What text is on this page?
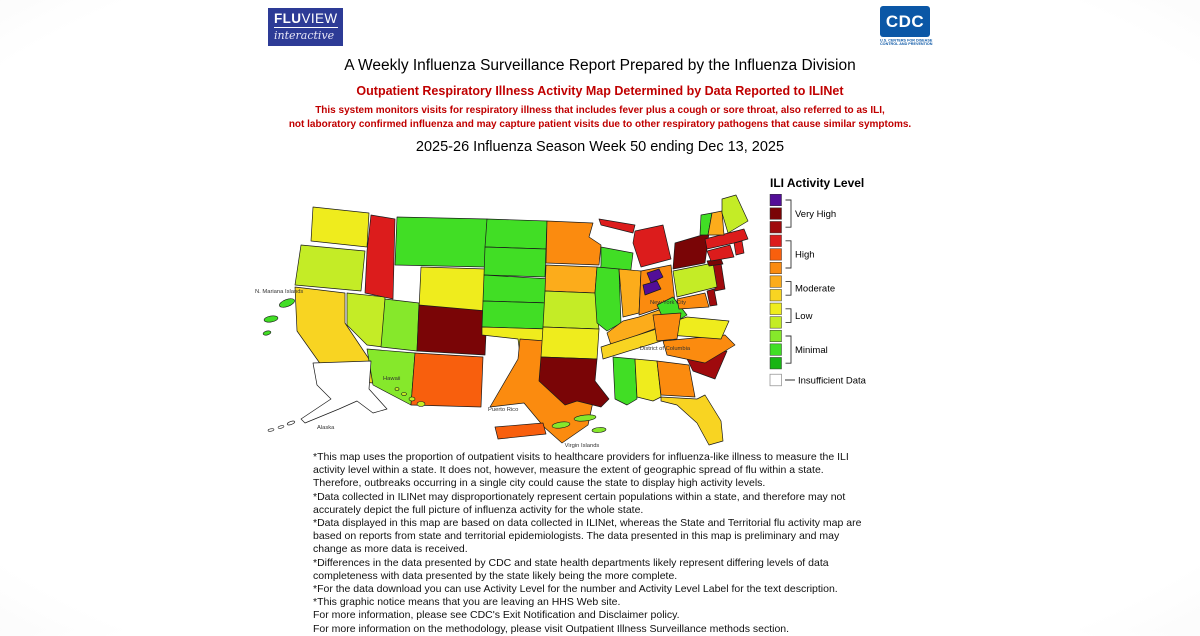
FLUVIEW
interactive
CDC
U.S. CENTERS FOR DISEASE
CONTROL AND PREVENTION
A Weekly Influenza Surveillance Report Prepared by the Influenza Division
Outpatient Respiratory Illness Activity Map Determined by Data Reported to ILINet
This system monitors visits for respiratory illness that includes fever plus a cough or sore throat, also referred to as ILI,
not laboratory confirmed influenza and may capture patient visits due to other respiratory pathogens that cause similar symptoms.
2025-26 Influenza Season Week 50 ending Dec 13, 2025
Alaska
Hawaii
Puerto Rico
Virgin Islands
N. Mariana Islands
New York City
District of Columbia
ILI Activity Level
Very High
High
Moderate
Low
Minimal
Insufficient Data
*This map uses the proportion of outpatient visits to healthcare providers for influenza-like illness to measure the ILI activity level within a state. It does not, however, measure the extent of geographic spread of flu within a state. Therefore, outbreaks occurring in a single city could cause the state to display high activity levels.
*Data collected in ILINet may disproportionately represent certain populations within a state, and therefore may not accurately depict the full picture of influenza activity for the whole state.
*Data displayed in this map are based on data collected in ILINet, whereas the State and Territorial flu activity map are based on reports from state and territorial epidemiologists. The data presented in this map is preliminary and may change as more data is received.
*Differences in the data presented by CDC and state health departments likely represent differing levels of data completeness with data presented by the state likely being the more complete.
*For the data download you can use Activity Level for the number and Activity Level Label for the text description.
*This graphic notice means that you are leaving an HHS Web site.
For more information, please see CDC's Exit Notification and Disclaimer policy.
For more information on the methodology, please visit Outpatient Illness Surveillance methods section.
